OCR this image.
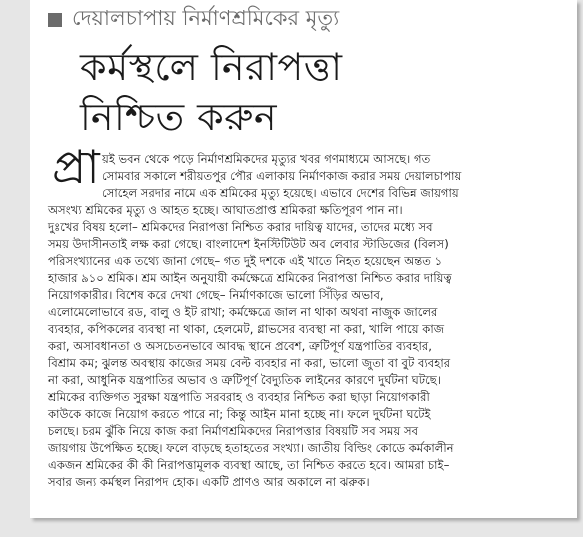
দেয়ালচাপায় নির্মাণশ্রমিকের মৃত্যু
কর্মস্থলে নিরাপত্তা
নিশ্চিত করুন
প্রা য়ই ভবন থেকে পড়ে নির্মাণশ্রমিকদের মৃত্যুর খবর গণমাধ্যমে আসছে। গত
সোমবার সকালে শরীয়তপুর পৌর এলাকায় নির্মাণকাজ করার সময় দেয়ালচাপায়
সোহেল সরদার নামে এক শ্রমিকের মৃত্যু হয়েছে। এভাবে দেশের বিভিন্ন জায়গায়
অসংখ্য শ্রমিকের মৃত্যু ও আহত হচ্ছে। আঘাতপ্রাপ্ত শ্রমিকরা ক্ষতিপূরণ পান না।
দুঃখের বিষয় হলো– শ্রমিকদের নিরাপত্তা নিশ্চিত করার দায়িত্ব যাদের, তাদের মধ্যে সব
সময় উদাসীনতাই লক্ষ করা গেছে। বাংলাদেশ ইনস্টিটিউট অব লেবার স্টাডিজের (বিলস)
পরিসংখ্যানের এক তথ্যে জানা গেছে– গত দুই দশকে এই খাতে নিহত হয়েছেন অন্তত ১
হাজার ৯১০ শ্রমিক। শ্রম আইন অনুযায়ী কর্মক্ষেত্রে শ্রমিকের নিরাপত্তা নিশ্চিত করার দায়িত্ব
নিয়োগকারীর। বিশেষ করে দেখা গেছে– নির্মাণকাজে ভালো সিঁড়ির অভাব,
এলোমেলোভাবে রড, বালু ও ইট রাখা; কর্মক্ষেত্রে জাল না থাকা অথবা নাজুক জালের
ব্যবহার, কপিকলের ব্যবস্থা না থাকা, হেলমেট, গ্লাভসের ব্যবস্থা না করা, খালি পায়ে কাজ
করা, অসাবধানতা ও অসচেতনভাবে আবদ্ধ স্থানে প্রবেশ, ত্রুটিপূর্ণ যন্ত্রপাতির ব্যবহার,
বিশ্রাম কম; ঝুলন্ত অবস্থায় কাজের সময় বেল্ট ব্যবহার না করা, ভালো জুতা বা বুট ব্যবহার
না করা, আধুনিক যন্ত্রপাতির অভাব ও ত্রুটিপূর্ণ বৈদ্যুতিক লাইনের কারণে দুর্ঘটনা ঘটছে।
শ্রমিকের ব্যক্তিগত সুরক্ষা যন্ত্রপাতি সরবরাহ ও ব্যবহার নিশ্চিত করা ছাড়া নিয়োগকারী
কাউকে কাজে নিয়োগ করতে পারে না; কিন্তু আইন মানা হচ্ছে না। ফলে দুর্ঘটনা ঘটেই
চলছে। চরম ঝুঁকি নিয়ে কাজ করা নির্মাণশ্রমিকদের নিরাপত্তার বিষয়টি সব সময় সব
জায়গায় উপেক্ষিত হচ্ছে। ফলে বাড়ছে হতাহতের সংখ্যা। জাতীয় বিল্ডিং কোডে কর্মকালীন
একজন শ্রমিকের কী কী নিরাপত্তামূলক ব্যবস্থা আছে, তা নিশ্চিত করতে হবে। আমরা চাই–
সবার জন্য কর্মস্থল নিরাপদ হোক। একটি প্রাণও আর অকালে না ঝরুক।
